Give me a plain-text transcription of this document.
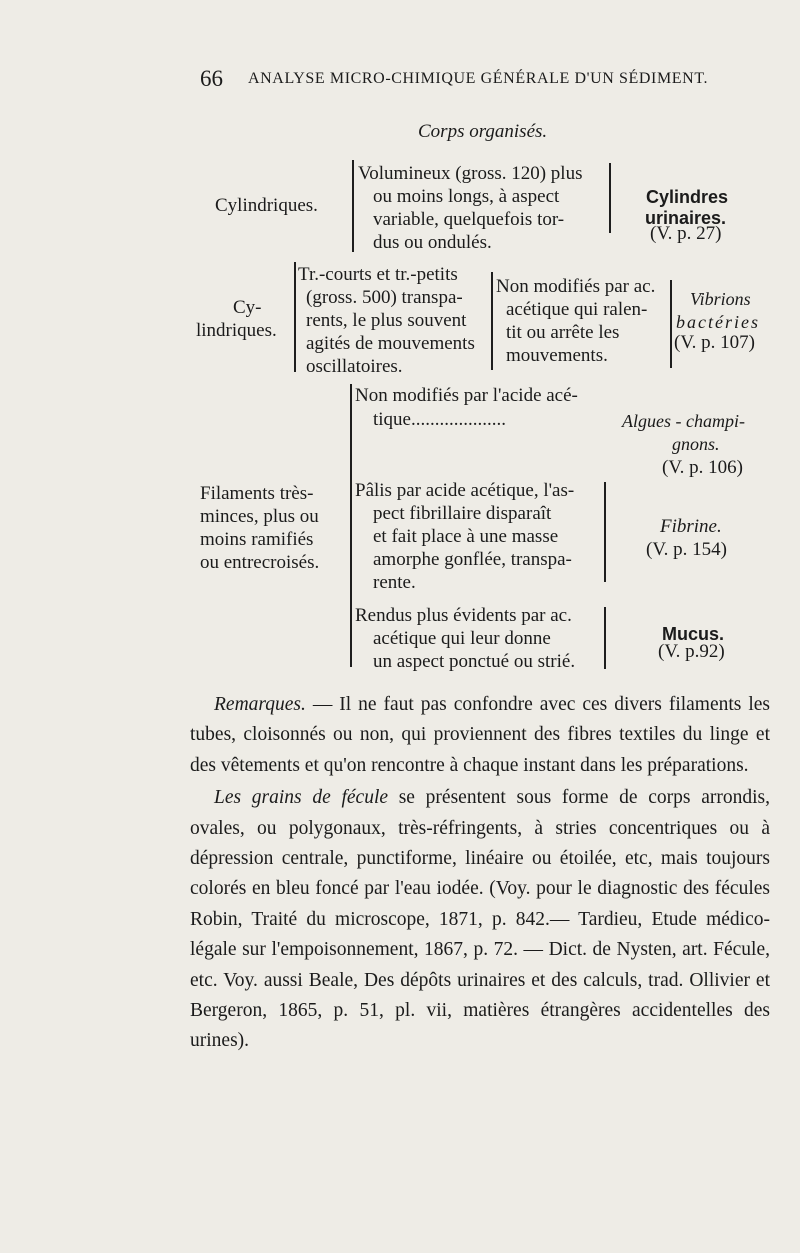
66 ANALYSE MICRO-CHIMIQUE GÉNÉRALE D'UN SÉDIMENT.
Corps organisés.
Cylindriques.
Volumineux (gross. 120) plus
ou moins longs, à aspect
variable, quelquefois tor-
dus ou ondulés.
Cylindres
urinaires.
(V. p. 27)
Cy-
lindriques.
Tr.-courts et tr.-petits
(gross. 500) transpa-
rents, le plus souvent
agités de mouvements
oscillatoires.
Non modifiés par ac.
acétique qui ralen-
tit ou arrête les
mouvements.
Vibrions
bactéries
(V. p. 107)
Filaments très-
minces, plus ou
moins ramifiés
ou entrecroisés.
Non modifiés par l'acide acé-
tique....................	Algues - champi-
gnons.
(V. p. 106)
Pâlis par acide acétique, l'as-
pect fibrillaire disparaît
et fait place à une masse
amorphe gonflée, transpa-
rente.
Fibrine.
(V. p. 154)
Rendus plus évidents par ac.
acétique qui leur donne
un aspect ponctué ou strié.
Mucus.
(V. p.92)

Remarques. — Il ne faut pas confondre avec ces divers filaments les tubes, cloisonnés ou non, qui proviennent des fibres textiles du linge et des vêtements et qu'on rencontre à chaque instant dans les préparations.

Les grains de fécule se présentent sous forme de corps arrondis, ovales, ou polygonaux, très-réfringents, à stries concentriques ou à dépression centrale, punctiforme, linéaire ou étoilée, etc, mais toujours colorés en bleu foncé par l'eau iodée. (Voy. pour le diagnostic des fécules Robin, Traité du microscope, 1871, p. 842.— Tardieu, Etude médico-légale sur l'empoisonnement, 1867, p. 72. — Dict. de Nysten, art. Fécule, etc. Voy. aussi Beale, Des dépôts urinaires et des calculs, trad. Ollivier et Bergeron, 1865, p. 51, pl. vii, matières étrangères accidentelles des urines).
